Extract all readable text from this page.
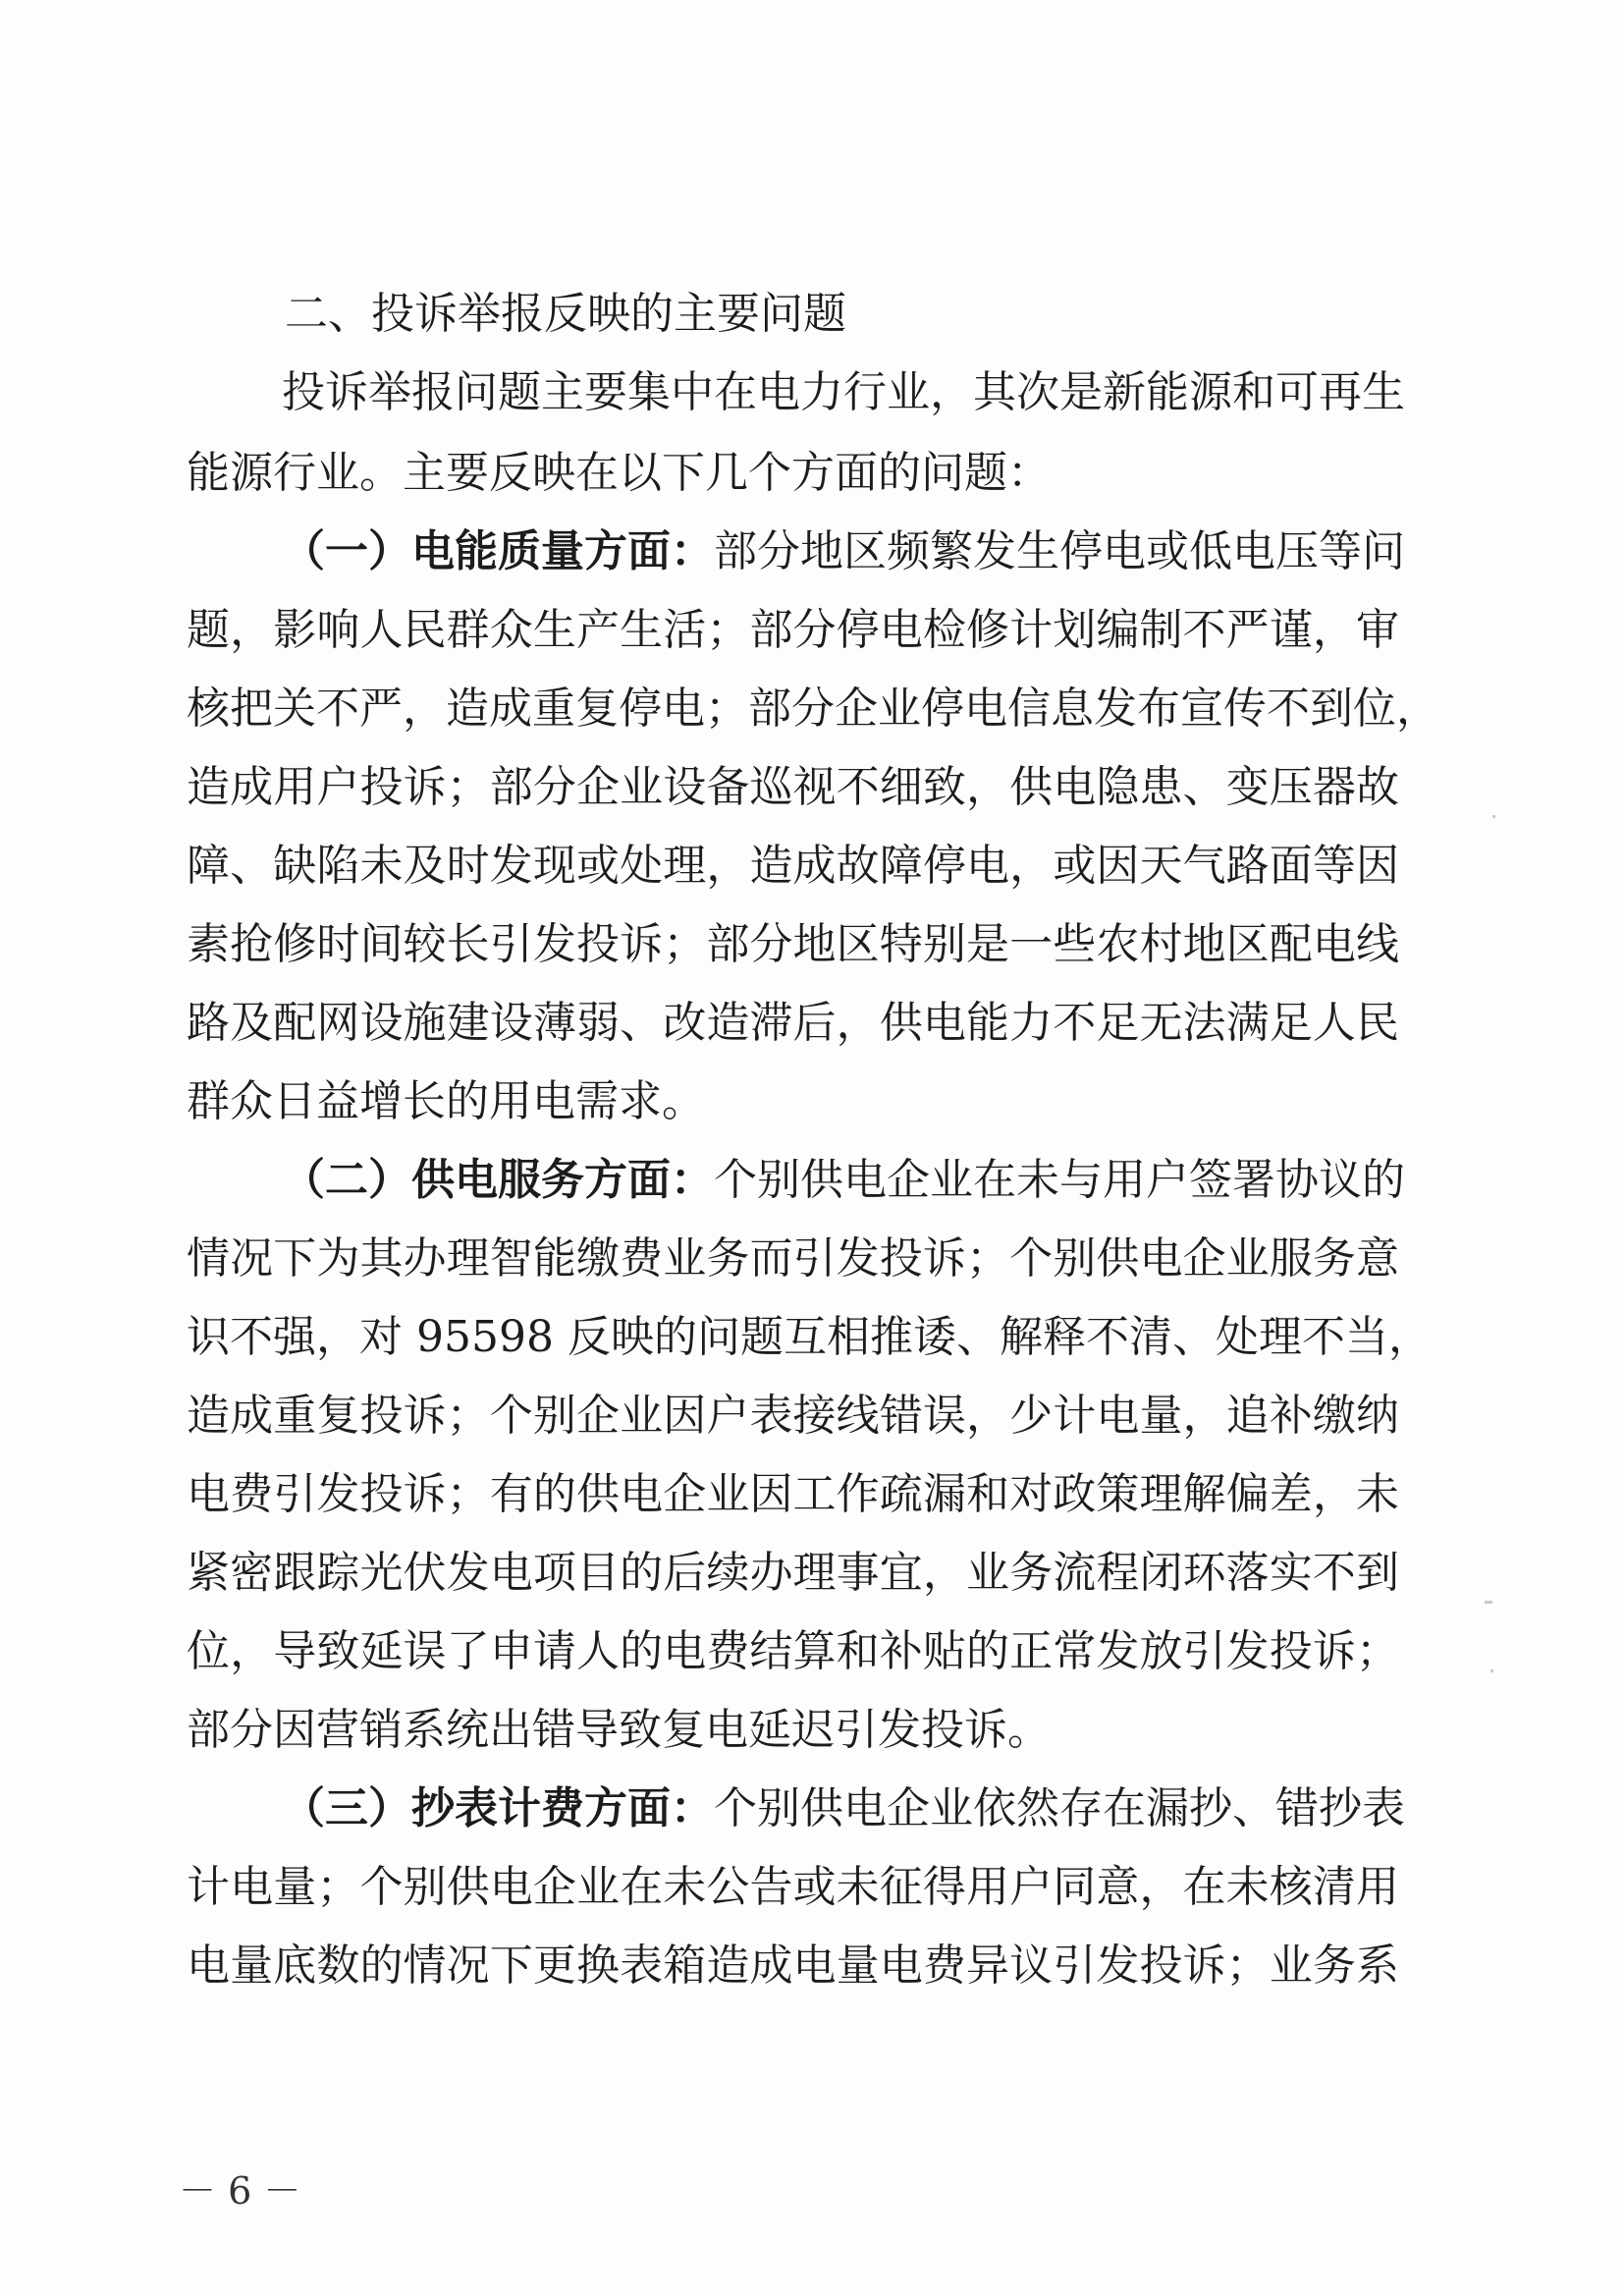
二、投诉举报反映的主要问题
投诉举报问题主要集中在电力行业，其次是新能源和可再生
能源行业。主要反映在以下几个方面的问题：
（一）电能质量方面：部分地区频繁发生停电或低电压等问
题，影响人民群众生产生活；部分停电检修计划编制不严谨，审
核把关不严，造成重复停电；部分企业停电信息发布宣传不到位，
造成用户投诉；部分企业设备巡视不细致，供电隐患、变压器故
障、缺陷未及时发现或处理，造成故障停电，或因天气路面等因
素抢修时间较长引发投诉；部分地区特别是一些农村地区配电线
路及配网设施建设薄弱、改造滞后，供电能力不足无法满足人民
群众日益增长的用电需求。
（二）供电服务方面：个别供电企业在未与用户签署协议的
情况下为其办理智能缴费业务而引发投诉；个别供电企业服务意
识不强，对 95598 反映的问题互相推诿、解释不清、处理不当，
造成重复投诉；个别企业因户表接线错误，少计电量，追补缴纳
电费引发投诉；有的供电企业因工作疏漏和对政策理解偏差，未
紧密跟踪光伏发电项目的后续办理事宜，业务流程闭环落实不到
位，导致延误了申请人的电费结算和补贴的正常发放引发投诉；
部分因营销系统出错导致复电延迟引发投诉。
（三）抄表计费方面：个别供电企业依然存在漏抄、错抄表
计电量；个别供电企业在未公告或未征得用户同意，在未核清用
电量底数的情况下更换表箱造成电量电费异议引发投诉；业务系
－ 6 －
